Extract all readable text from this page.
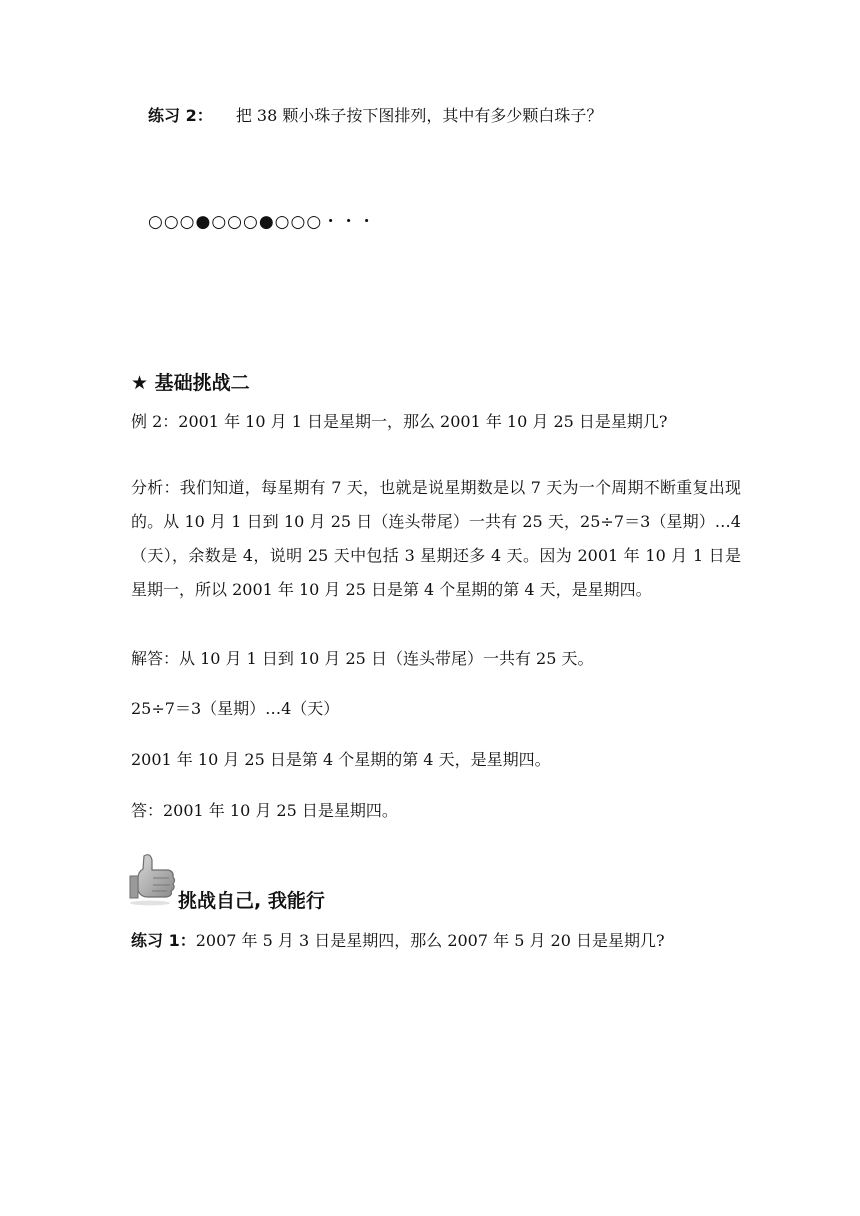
练习 2： 把 38 颗小珠子按下图排列，其中有多少颗白珠子？
○○○●○○○●○○○・・・
★ 基础挑战二
例 2：2001 年 10 月 1 日是星期一，那么 2001 年 10 月 25 日是星期几?
分析：我们知道，每星期有 7 天，也就是说星期数是以 7 天为一个周期不断重复出现的。从 10 月 1 日到 10 月 25 日（连头带尾）一共有 25 天，25÷7＝3（星期）…4（天），余数是 4，说明 25 天中包括 3 星期还多 4 天。因为 2001 年 10 月 1 日是星期一，所以 2001 年 10 月 25 日是第 4 个星期的第 4 天，是星期四。
解答：从 10 月 1 日到 10 月 25 日（连头带尾）一共有 25 天。
25÷7＝3（星期）…4（天）
2001 年 10 月 25 日是第 4 个星期的第 4 天，是星期四。
答：2001 年 10 月 25 日是星期四。
挑战自己, 我能行
练习 1：2007 年 5 月 3 日是星期四，那么 2007 年 5 月 20 日是星期几?
